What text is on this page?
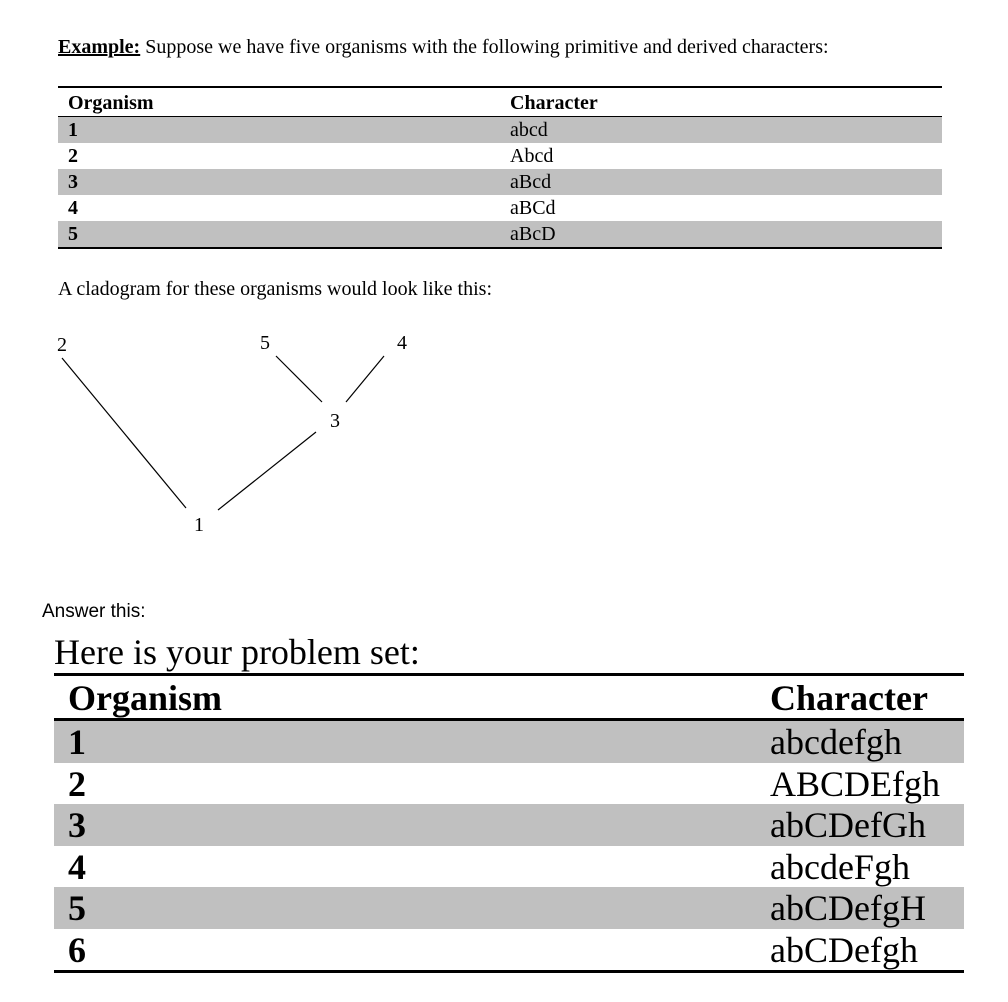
Example: Suppose we have five organisms with the following primitive and derived characters:
Organism	Character
1	abcd
2	Abcd
3	aBcd
4	aBCd
5	aBcD
A cladogram for these organisms would look like this:
2	5	4
3
1
Answer this:
Here is your problem set:
Organism	Character
1	abcdefgh
2	ABCDEfgh
3	abCDefGh
4	abcdeFgh
5	abCDefgH
6	abCDefgh
